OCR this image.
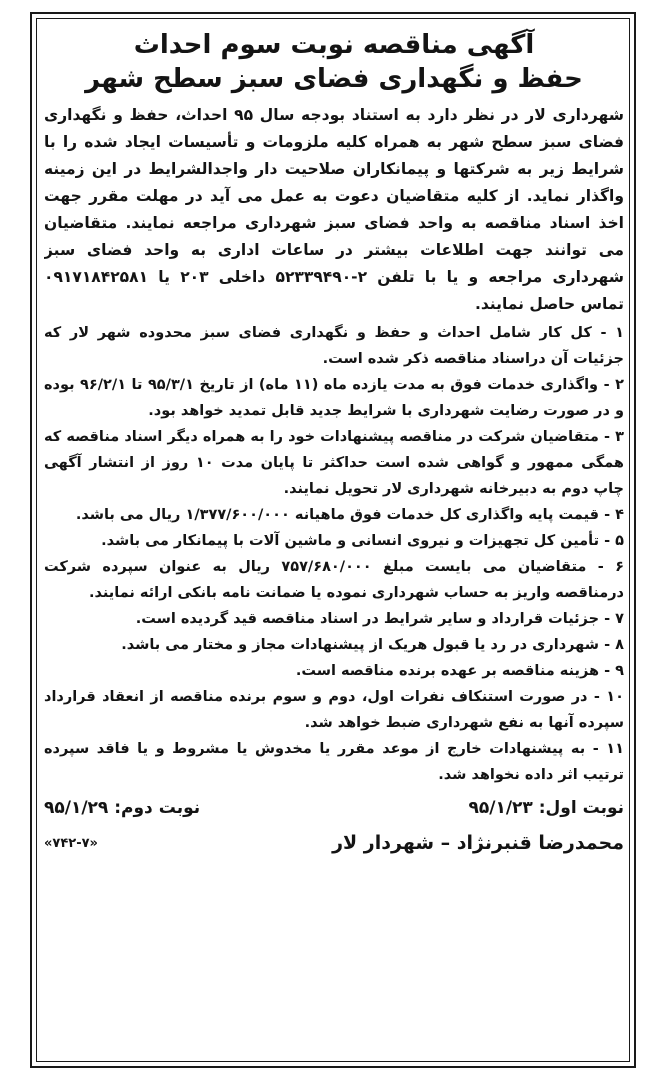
آگهی مناقصه نوبت سوم احداث

حفظ و نگهداری فضای سبز سطح شهر

شهرداری لار در نظر دارد به استناد بودجه سال ۹۵ احداث، حفظ و نگهداری فضای سبز سطح شهر به همراه کلیه ملزومات و تأسیسات ایجاد شده را با شرایط زیر به شرکتها و پیمانکاران صلاحیت دار واجدالشرایط در این زمینه واگذار نماید. از کلیه متقاضیان دعوت به عمل می آید در مهلت مقرر جهت اخذ اسناد مناقصه به واحد فضای سبز شهرداری مراجعه نمایند. متقاضیان می توانند جهت اطلاعات بیشتر در ساعات اداری به واحد فضای سبز شهرداری مراجعه و یا با تلفن ۲-۵۲۳۳۹۴۹۰ داخلی ۲۰۳ یا ۰۹۱۷۱۸۴۲۵۸۱ تماس حاصل نمایند.

۱ - کل کار شامل احداث و حفظ و نگهداری فضای سبز محدوده شهر لار که جزئیات آن دراسناد مناقصه ذکر شده است.

۲ - واگذاری خدمات فوق به مدت یازده ماه (۱۱ ماه) از تاریخ ۹۵/۳/۱ تا ۹۶/۲/۱ بوده و در صورت رضایت شهرداری با شرایط جدید قابل تمدید خواهد بود.

۳ - متقاضیان شرکت در مناقصه پیشنهادات خود را به همراه دیگر اسناد مناقصه که همگی ممهور و گواهی شده است حداکثر تا پایان مدت ۱۰ روز از انتشار آگهی چاپ دوم به دبیرخانه شهرداری لار تحویل نمایند.

۴ - قیمت پایه واگذاری کل خدمات فوق ماهیانه ۱/۳۷۷/۶۰۰/۰۰۰ ریال می باشد.

۵ - تأمین کل تجهیزات و نیروی انسانی و ماشین آلات با پیمانکار می باشد.

۶ - متقاضیان می بایست مبلغ ۷۵۷/۶۸۰/۰۰۰ ریال به عنوان سپرده شرکت درمناقصه واریز به حساب شهرداری نموده یا ضمانت نامه بانکی ارائه نمایند.

۷ - جزئیات قرارداد و سایر شرایط در اسناد مناقصه قید گردیده است.

۸ - شهرداری در رد یا قبول هریک از پیشنهادات مجاز و مختار می باشد.

۹ - هزینه مناقصه بر عهده برنده مناقصه است.

۱۰ - در صورت استنکاف نفرات اول، دوم و سوم برنده مناقصه از انعقاد قرارداد سپرده آنها به نفع شهرداری ضبط خواهد شد.

۱۱ - به پیشنهادات خارج از موعد مقرر یا مخدوش یا مشروط و یا فاقد سپرده ترتیب اثر داده نخواهد شد.

نوبت اول: ۹۵/۱/۲۳
نوبت دوم: ۹۵/۱/۲۹
محمدرضا قنبرنژاد – شهردار لار
«۷۴۲-۷»
